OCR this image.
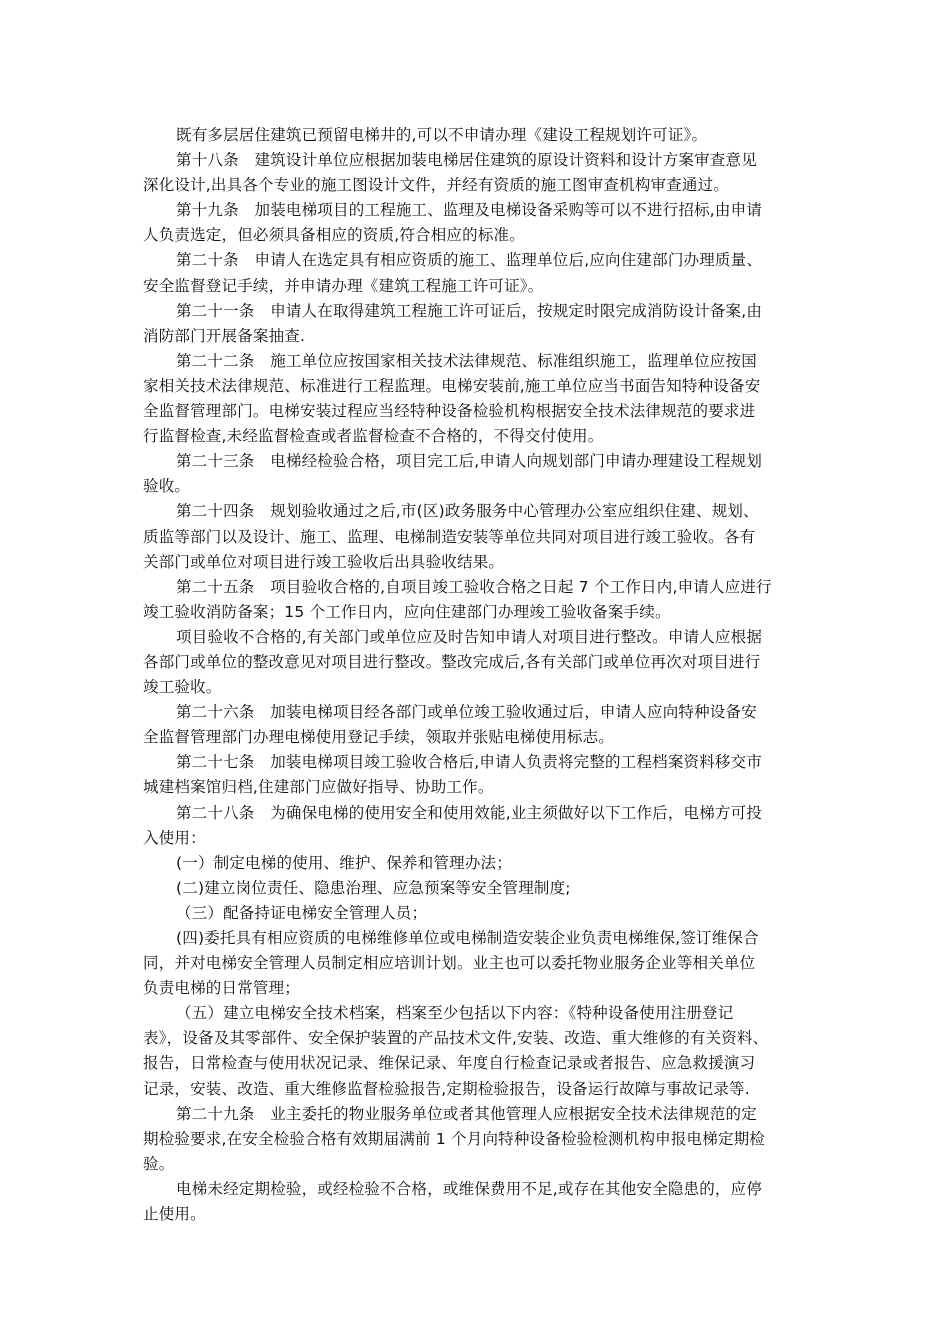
既有多层居住建筑已预留电梯井的,可以不申请办理《建设工程规划许可证》。
第十八条　建筑设计单位应根据加装电梯居住建筑的原设计资料和设计方案审查意见
深化设计,出具各个专业的施工图设计文件，并经有资质的施工图审查机构审查通过。
第十九条　加装电梯项目的工程施工、监理及电梯设备采购等可以不进行招标,由申请
人负责选定，但必须具备相应的资质,符合相应的标准。
第二十条　申请人在选定具有相应资质的施工、监理单位后,应向住建部门办理质量、
安全监督登记手续，并申请办理《建筑工程施工许可证》。
第二十一条　申请人在取得建筑工程施工许可证后，按规定时限完成消防设计备案,由
消防部门开展备案抽查.
第二十二条　施工单位应按国家相关技术法律规范、标准组织施工，监理单位应按国
家相关技术法律规范、标准进行工程监理。电梯安装前,施工单位应当书面告知特种设备安
全监督管理部门。电梯安装过程应当经特种设备检验机构根据安全技术法律规范的要求进
行监督检查,未经监督检查或者监督检查不合格的，不得交付使用。
第二十三条　电梯经检验合格，项目完工后,申请人向规划部门申请办理建设工程规划
验收。
第二十四条　规划验收通过之后,市(区)政务服务中心管理办公室应组织住建、规划、
质监等部门以及设计、施工、监理、电梯制造安装等单位共同对项目进行竣工验收。各有
关部门或单位对项目进行竣工验收后出具验收结果。
第二十五条　项目验收合格的,自项目竣工验收合格之日起 7 个工作日内,申请人应进行
竣工验收消防备案；15 个工作日内，应向住建部门办理竣工验收备案手续。
项目验收不合格的,有关部门或单位应及时告知申请人对项目进行整改。申请人应根据
各部门或单位的整改意见对项目进行整改。整改完成后,各有关部门或单位再次对项目进行
竣工验收。
第二十六条　加装电梯项目经各部门或单位竣工验收通过后，申请人应向特种设备安
全监督管理部门办理电梯使用登记手续，领取并张贴电梯使用标志。
第二十七条　加装电梯项目竣工验收合格后,申请人负责将完整的工程档案资料移交市
城建档案馆归档,住建部门应做好指导、协助工作。
第二十八条　为确保电梯的使用安全和使用效能,业主须做好以下工作后，电梯方可投
入使用：
(一）制定电梯的使用、维护、保养和管理办法；
(二)建立岗位责任、隐患治理、应急预案等安全管理制度;
（三）配备持证电梯安全管理人员；
(四)委托具有相应资质的电梯维修单位或电梯制造安装企业负责电梯维保,签订维保合
同，并对电梯安全管理人员制定相应培训计划。业主也可以委托物业服务企业等相关单位
负责电梯的日常管理；
（五）建立电梯安全技术档案，档案至少包括以下内容：《特种设备使用注册登记
表》，设备及其零部件、安全保护装置的产品技术文件,安装、改造、重大维修的有关资料、
报告，日常检查与使用状况记录、维保记录、年度自行检查记录或者报告、应急救援演习
记录，安装、改造、重大维修监督检验报告,定期检验报告，设备运行故障与事故记录等.
第二十九条　业主委托的物业服务单位或者其他管理人应根据安全技术法律规范的定
期检验要求,在安全检验合格有效期届满前 1 个月向特种设备检验检测机构申报电梯定期检
验。
电梯未经定期检验，或经检验不合格，或维保费用不足,或存在其他安全隐患的，应停
止使用。
